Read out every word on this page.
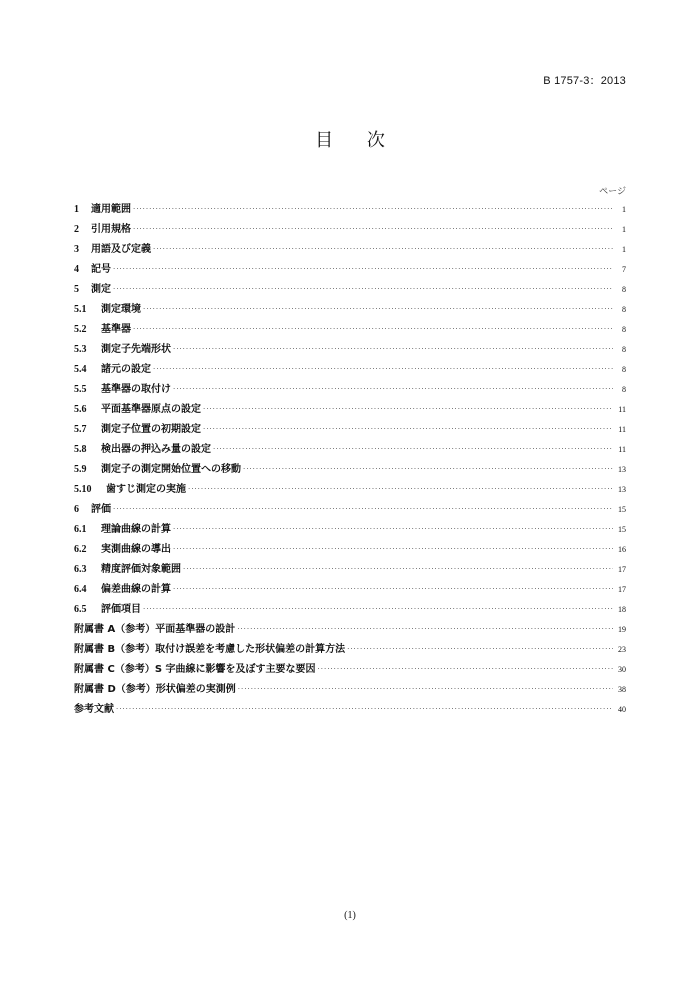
B 1757-3：2013
目 次
ページ
1	適用範囲 ·····	1
2	引用規格 ·····	1
3	用語及び定義 ·····	1
4	記号 ·····	7
5	測定 ·····	8
5.1	測定環境 ·····	8
5.2	基準器 ·····	8
5.3	測定子先端形状 ·····	8
5.4	諸元の設定 ·····	8
5.5	基準器の取付け ·····	8
5.6	平面基準器原点の設定 ·····	11
5.7	測定子位置の初期設定 ·····	11
5.8	検出器の押込み量の設定 ·····	11
5.9	測定子の測定開始位置への移動 ·····	13
5.10	歯すじ測定の実施 ·····	13
6	評価 ·····	15
6.1	理論曲線の計算 ·····	15
6.2	実測曲線の導出 ·····	16
6.3	精度評価対象範囲 ·····	17
6.4	偏差曲線の計算 ·····	17
6.5	評価項目 ·····	18
附属書 A（参考）平面基準器の設計 ·····	19
附属書 B（参考）取付け誤差を考慮した形状偏差の計算方法 ·····	23
附属書 C（参考）S 字曲線に影響を及ぼす主要な要因 ·····	30
附属書 D（参考）形状偏差の実測例 ·····	38
参考文献 ·····	40
(1)
